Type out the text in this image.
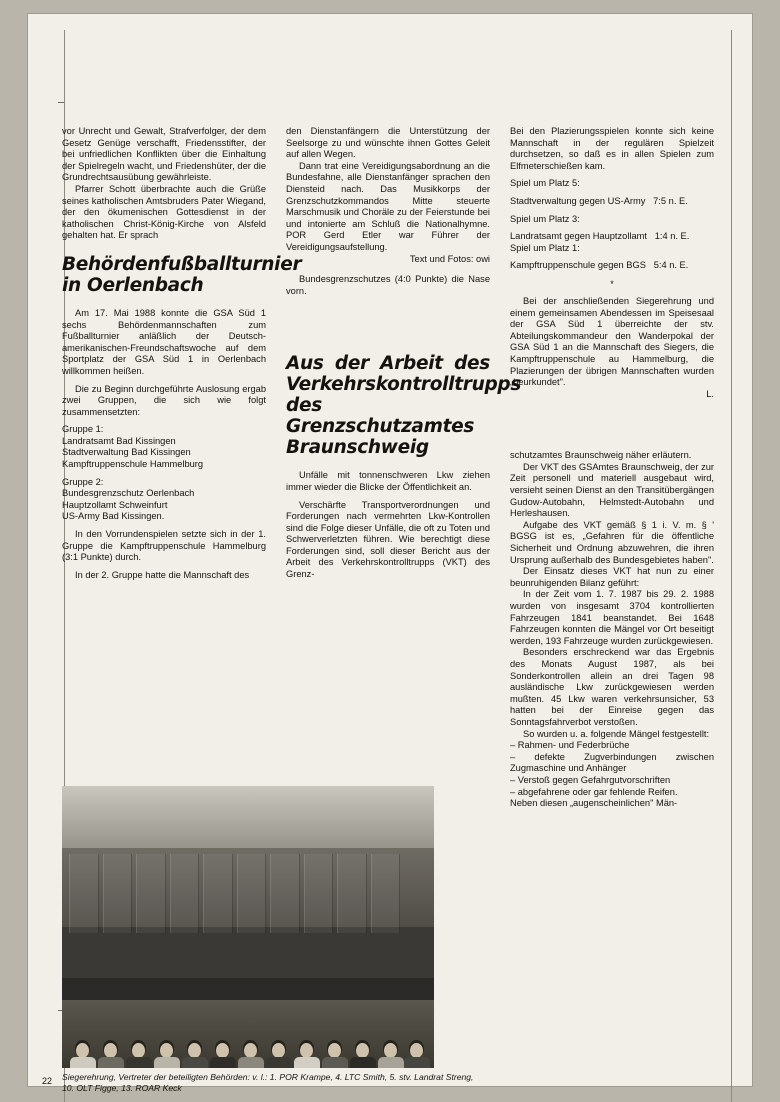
vor Unrecht und Gewalt, Strafverfolger, der dem Gesetz Genüge verschafft, Friedensstifter, der bei unfriedlichen Konflikten über die Einhaltung der Spielregeln wacht, und Friedenshüter, der die Grundrechtsausübung gewährleiste.

Pfarrer Schott überbrachte auch die Grüße seines katholischen Amtsbruders Pater Wiegand, der den ökumenischen Gottesdienst in der katholischen Christ-König-Kirche von Alsfeld gehalten hat. Er sprach

Behördenfußballturnier in Oerlenbach

Am 17. Mai 1988 konnte die GSA Süd 1 sechs Behördenmannschaften zum Fußballturnier anläßlich der Deutsch-amerikanischen-Freundschaftswoche auf dem Sportplatz der GSA Süd 1 in Oerlenbach willkommen heißen.

Die zu Beginn durchgeführte Auslosung ergab zwei Gruppen, die sich wie folgt zusammensetzten:

Gruppe 1:

Landratsamt Bad Kissingen

Stadtverwaltung Bad Kissingen

Kampftruppenschule Hammelburg

Gruppe 2:

Bundesgrenzschutz Oerlenbach

Hauptzollamt Schweinfurt

US-Army Bad Kissingen.

In den Vorrundenspielen setzte sich in der 1. Gruppe die Kampftruppenschule Hammelburg (3:1 Punkte) durch.

In der 2. Gruppe hatte die Mannschaft des

den Dienstanfängern die Unterstützung der Seelsorge zu und wünschte ihnen Gottes Geleit auf allen Wegen.

Dann trat eine Vereidigungsabordnung an die Bundesfahne, alle Dienstanfänger sprachen den Diensteid nach. Das Musikkorps der Grenzschutzkommandos Mitte steuerte Marschmusik und Choräle zu der Feierstunde bei und intonierte am Schluß die Nationalhymne. POR Gerd Etler war Führer der Vereidigungsaufstellung.

Text und Fotos: owi

Bundesgrenzschutzes (4:0 Punkte) die Nase vorn.

Aus der Arbeit des Verkehrskontrolltrupps des Grenzschutzamtes Braunschweig

Unfälle mit tonnenschweren Lkw ziehen immer wieder die Blicke der Öffentlichkeit an.

Verschärfte Transportverordnungen und Forderungen nach vermehrten Lkw-Kontrollen sind die Folge dieser Unfälle, die oft zu Toten und Schwerverletzten führen. Wie berechtigt diese Forderungen sind, soll dieser Bericht aus der Arbeit des Verkehrskontrolltrupps (VKT) des Grenz-

Bei den Plazierungsspielen konnte sich keine Mannschaft in der regulären Spielzeit durchsetzen, so daß es in allen Spielen zum Elfmeterschießen kam.

Spiel um Platz 5:

Stadtverwaltung gegen US-Army 7:5 n. E.

Spiel um Platz 3:

Landratsamt gegen Hauptzollamt 1:4 n. E.

Spiel um Platz 1:

Kampftruppenschule gegen BGS 5:4 n. E.

*

Bei der anschließenden Siegerehrung und einem gemeinsamen Abendessen im Speisesaal der GSA Süd 1 überreichte der stv. Abteilungskommandeur den Wanderpokal der GSA Süd 1 an die Mannschaft des Siegers, die Kampftruppenschule au Hammelburg, die Plazierungen der übrigen Mannschaften wurden „beurkundet".

L.

schutzamtes Braunschweig näher erläutern.

Der VKT des GSAmtes Braunschweig, der zur Zeit personell und materiell ausgebaut wird, versieht seinen Dienst an den Transitübergängen Gudow-Autobahn, Helmstedt-Autobahn und Herleshausen.

Aufgabe des VKT gemäß § 1 i. V. m. § ' BGSG ist es, „Gefahren für die öffentliche Sicherheit und Ordnung abzuwehren, die ihren Ursprung außerhalb des Bundesgebietes haben".

Der Einsatz dieses VKT hat nun zu einer beunruhigenden Bilanz geführt:

In der Zeit vom 1. 7. 1987 bis 29. 2. 1988 wurden von insgesamt 3704 kontrollierten Fahrzeugen 1841 beanstandet. Bei 1648 Fahrzeugen konnten die Mängel vor Ort beseitigt werden, 193 Fahrzeuge wurden zurückgewiesen.

Besonders erschreckend war das Ergebnis des Monats August 1987, als bei Sonderkontrollen allein an drei Tagen 98 ausländische Lkw zurückgewiesen werden mußten. 45 Lkw waren verkehrsunsicher, 53 hatten bei der Einreise gegen das Sonntagsfahrverbot verstoßen.

So wurden u. a. folgende Mängel festgestellt:

– Rahmen- und Federbrüche

– defekte Zugverbindungen zwischen Zugmaschine und Anhänger

– Verstoß gegen Gefahrgutvorschriften

– abgefahrene oder gar fehlende Reifen.

Neben diesen „augenscheinlichen" Män-

Siegerehrung, Vertreter der beteiligten Behörden: v. l.: 1. POR Krampe, 4. LTC Smith, 5. stv. Landrat Streng, 10. OLT Figge, 13. ROAR Keck
22
